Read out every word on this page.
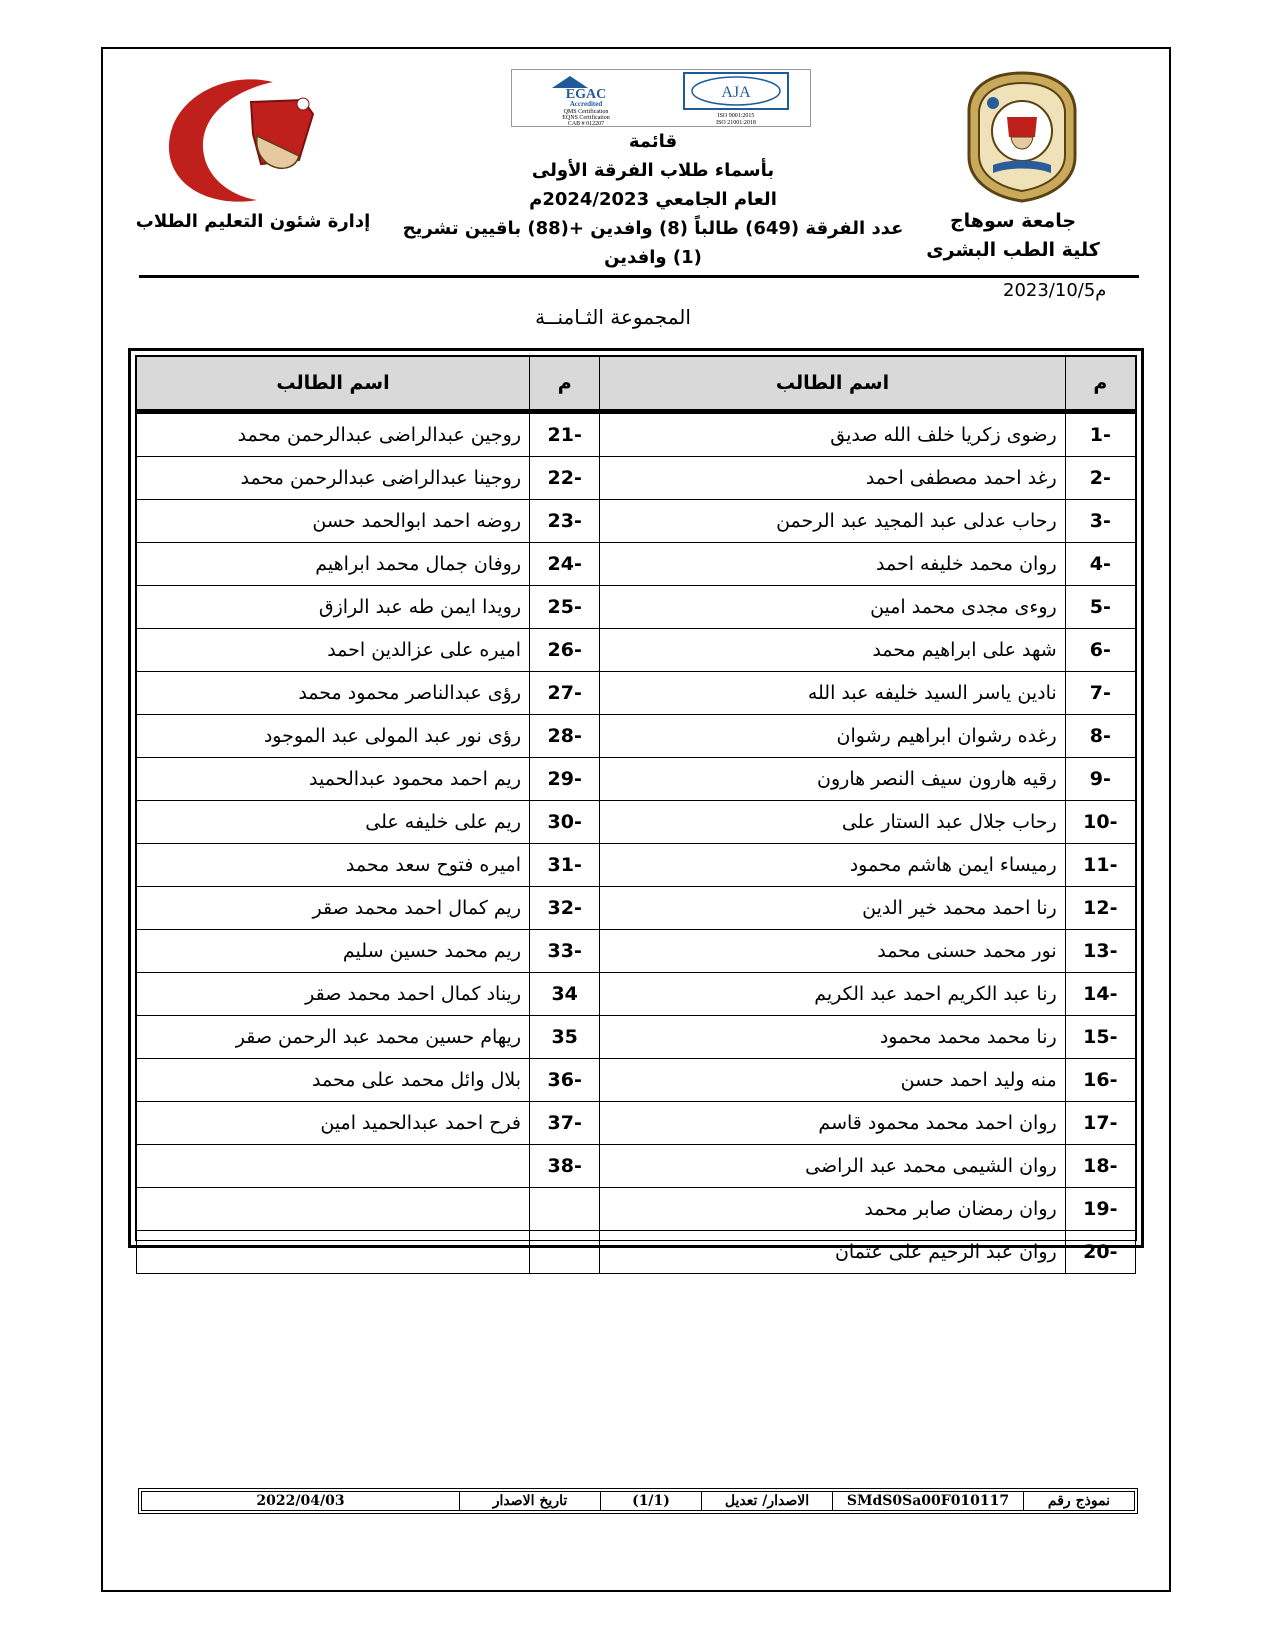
جامعة سوهاج
كلية الطب البشرى
إدارة شئون التعليم الطلاب
EGAC
Accredited
QMS Certification
EQNS Certification
CAB # 012207
AJA
ISO 9001:2015
ISO 21001:2018
قائمة
بأسماء طلاب الفرقة الأولى
العام الجامعي 2024/2023م
عدد الفرقة (649) طالباً (8) وافدين +(88) باقيين تشريح
(1) وافدين
2023/10/5م
المجموعة الثـامنــة
م	اسم الطالب	م	اسم الطالب
-1	رضوى زكريا خلف الله صديق	-21	روجين عبدالراضى عبدالرحمن محمد
-2	رغد احمد مصطفى احمد	-22	روجينا عبدالراضى عبدالرحمن محمد
-3	رحاب عدلى عبد المجيد عبد الرحمن	-23	روضه احمد ابوالحمد حسن
-4	روان محمد خليفه احمد	-24	روفان جمال محمد ابراهيم
-5	روءى مجدى محمد امين	-25	رويدا ايمن طه عبد الرازق
-6	شهد على ابراهيم محمد	-26	اميره على عزالدين احمد
-7	نادين ياسر السيد خليفه عبد الله	-27	رؤى عبدالناصر محمود محمد
-8	رغده رشوان ابراهيم رشوان	-28	رؤى نور عبد المولى عبد الموجود
-9	رقيه هارون سيف النصر هارون	-29	ريم احمد محمود عبدالحميد
-10	رحاب جلال عبد الستار على	-30	ريم على خليفه على
-11	رميساء ايمن هاشم محمود	-31	اميره فتوح سعد محمد
-12	رنا احمد محمد خير الدين	-32	ريم كمال احمد محمد صقر
-13	نور محمد حسنى محمد	-33	ريم محمد حسين سليم
-14	رنا عبد الكريم احمد عبد الكريم	34	ريناد كمال احمد محمد صقر
-15	رنا محمد محمد محمود	35	ريهام حسين محمد عبد الرحمن صقر
-16	منه وليد احمد حسن	-36	بلال وائل محمد على محمد
-17	روان احمد محمد محمود قاسم	-37	فرح احمد عبدالحميد امين
-18	روان الشيمى محمد عبد الراضى	-38	
-19	روان رمضان صابر محمد		
-20	روان عبد الرحيم على عثمان		
نموذج رقم	SMdS0Sa00F010117	الاصدار/ تعديل	(1/1)	تاريخ الاصدار	2022/04/03
